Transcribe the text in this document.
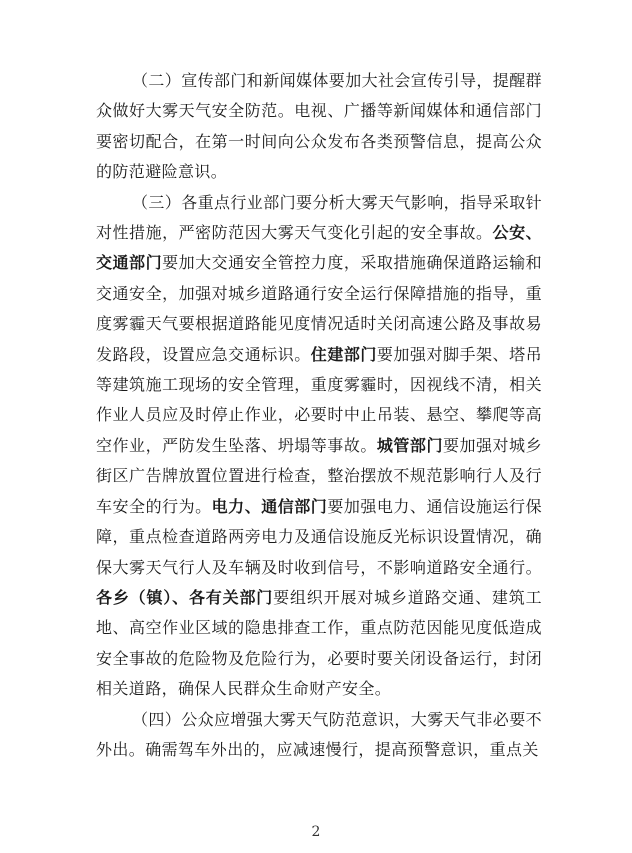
（二）宣传部门和新闻媒体要加大社会宣传引导，提醒群众做好大雾天气安全防范。电视、广播等新闻媒体和通信部门要密切配合，在第一时间向公众发布各类预警信息，提高公众的防范避险意识。

（三）各重点行业部门要分析大雾天气影响，指导采取针对性措施，严密防范因大雾天气变化引起的安全事故。公安、交通部门要加大交通安全管控力度，采取措施确保道路运输和交通安全，加强对城乡道路通行安全运行保障措施的指导，重度雾霾天气要根据道路能见度情况适时关闭高速公路及事故易发路段，设置应急交通标识。住建部门要加强对脚手架、塔吊等建筑施工现场的安全管理，重度雾霾时，因视线不清，相关作业人员应及时停止作业，必要时中止吊装、悬空、攀爬等高空作业，严防发生坠落、坍塌等事故。城管部门要加强对城乡街区广告牌放置位置进行检查，整治摆放不规范影响行人及行车安全的行为。电力、通信部门要加强电力、通信设施运行保障，重点检查道路两旁电力及通信设施反光标识设置情况，确保大雾天气行人及车辆及时收到信号，不影响道路安全通行。各乡（镇）、各有关部门要组织开展对城乡道路交通、建筑工地、高空作业区域的隐患排查工作，重点防范因能见度低造成安全事故的危险物及危险行为，必要时要关闭设备运行，封闭相关道路，确保人民群众生命财产安全。

（四）公众应增强大雾天气防范意识，大雾天气非必要不外出。确需驾车外出的，应减速慢行，提高预警意识，重点关

2
